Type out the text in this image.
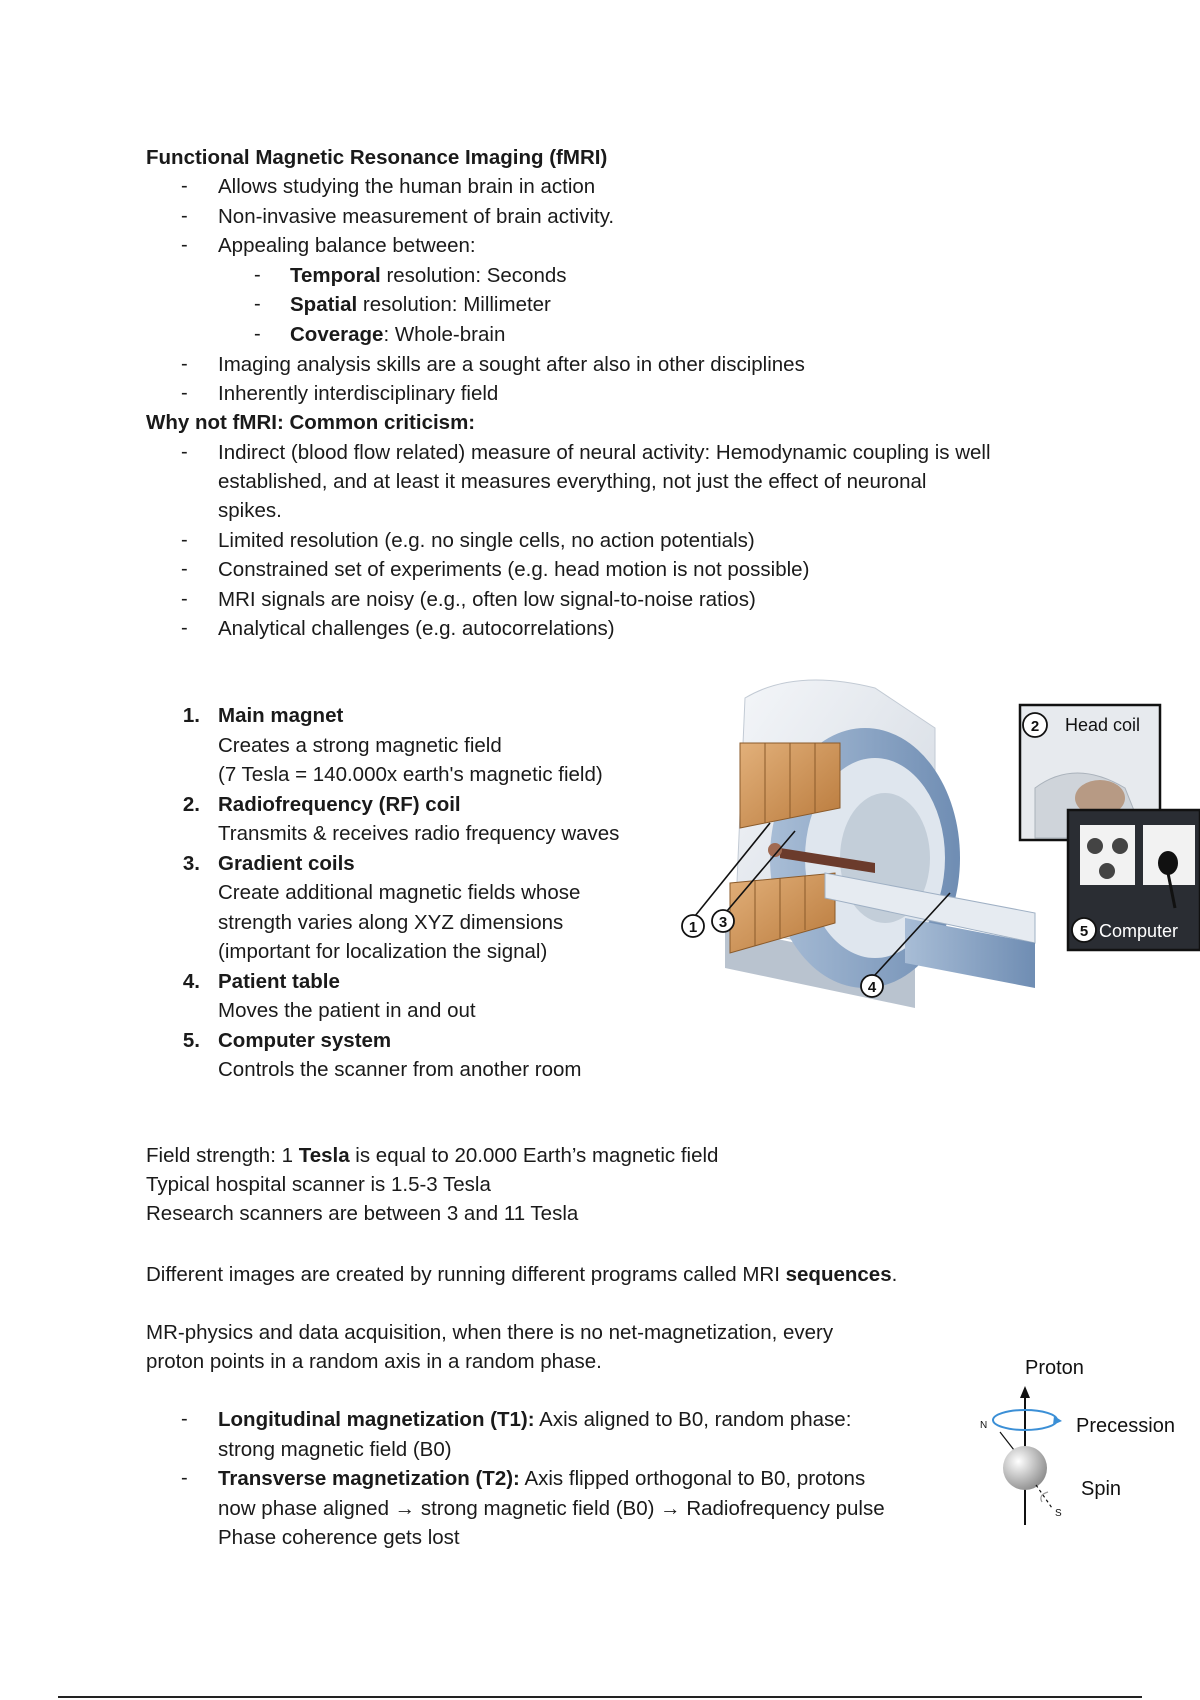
Functional Magnetic Resonance Imaging (fMRI)
- Allows studying the human brain in action
- Non-invasive measurement of brain activity.
- Appealing balance between:
- Temporal resolution: Seconds
- Spatial resolution: Millimeter
- Coverage: Whole-brain
- Imaging analysis skills are a sought after also in other disciplines
- Inherently interdisciplinary field
Why not fMRI: Common criticism:
- Indirect (blood flow related) measure of neural activity: Hemodynamic coupling is well
established, and at least it measures everything, not just the effect of neuronal
spikes.
- Limited resolution (e.g. no single cells, no action potentials)
- Constrained set of experiments (e.g. head motion is not possible)
- MRI signals are noisy (e.g., often low signal-to-noise ratios)
- Analytical challenges (e.g. autocorrelations)
1. Main magnet
Creates a strong magnetic field
(7 Tesla = 140.000x earth's magnetic field)
2. Radiofrequency (RF) coil
Transmits & receives radio frequency waves
3. Gradient coils
Create additional magnetic fields whose
strength varies along XYZ dimensions
(important for localization the signal)
4. Patient table
Moves the patient in and out
5. Computer system
Controls the scanner from another room
1 3
4
2 Head coil
5 Computer
Field strength: 1 Tesla is equal to 20.000 Earth’s magnetic field
Typical hospital scanner is 1.5-3 Tesla
Research scanners are between 3 and 11 Tesla
Different images are created by running different programs called MRI sequences.
MR-physics and data acquisition, when there is no net-magnetization, every
proton points in a random axis in a random phase.
- Longitudinal magnetization (T1): Axis aligned to B0, random phase:
strong magnetic field (B0)
- Transverse magnetization (T2): Axis flipped orthogonal to B0, protons
now phase aligned → strong magnetic field (B0) → Radiofrequency pulse
Phase coherence gets lost
Proton
N
S
Precession
Spin
